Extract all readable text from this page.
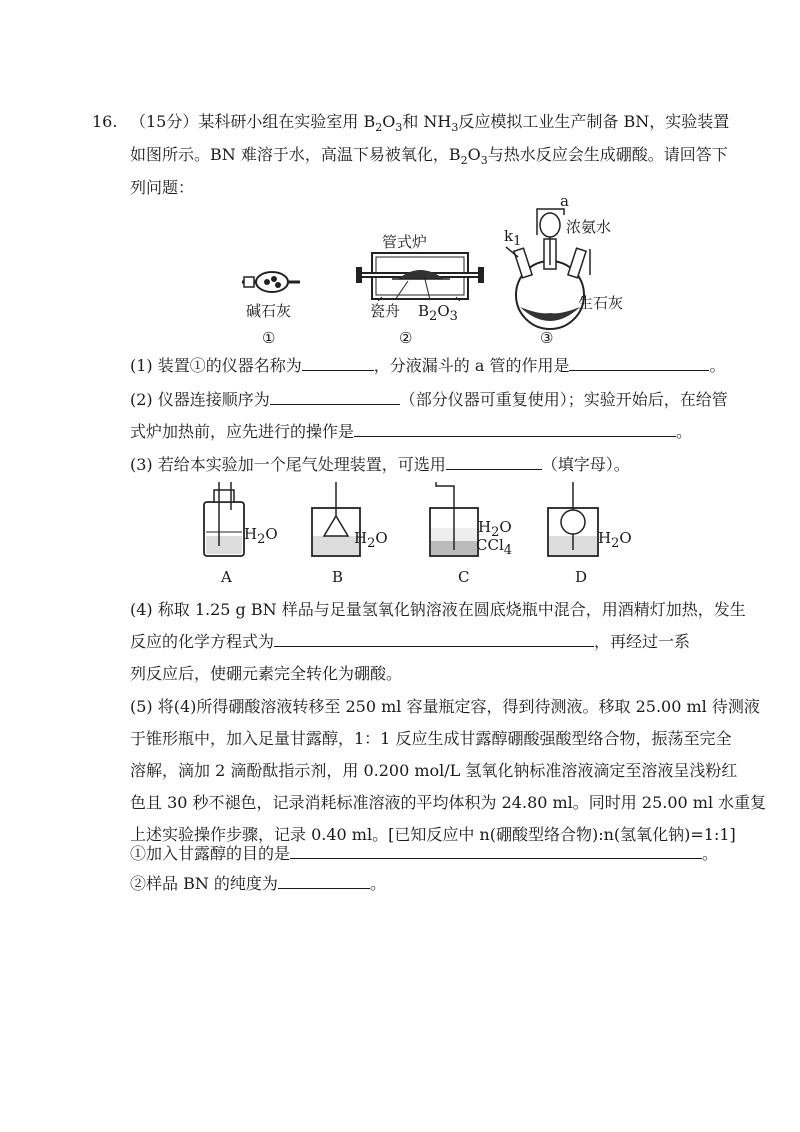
16. （15分）某科研小组在实验室用 $B_2O_3$和 $NH_3$反应模拟工业生产制备 BN，实验装置
如图所示。BN 难溶于水，高温下易被氧化，$B_2O_3$与热水反应会生成硼酸。请回答下
列问题：
碱石灰
管式炉
瓷舟 B2O3
a
浓氨水
k1
生石灰
①	②	③
(1) 装置①的仪器名称为	，分液漏斗的 a 管的作用是	。
(2) 仪器连接顺序为	（部分仪器可重复使用）；实验开始后，在给管
式炉加热前，应先进行的操作是	。
(3) 若给本实验加一个尾气处理装置，可选用	（填字母）。
H2O	H2O
H2O
CCl4
H2O
A	B	C	D
(4) 称取 1.25 g BN 样品与足量氢氧化钠溶液在圆底烧瓶中混合，用酒精灯加热，发生
反应的化学方程式为	，再经过一系
列反应后，使硼元素完全转化为硼酸。
(5) 将(4)所得硼酸溶液转移至 250 ml 容量瓶定容，得到待测液。移取 25.00 ml 待测液
于锥形瓶中，加入足量甘露醇，1：1 反应生成甘露醇硼酸强酸型络合物，振荡至完全
溶解，滴加 2 滴酚酞指示剂，用 0.200 mol/L 氢氧化钠标准溶液滴定至溶液呈浅粉红
色且 30 秒不褪色，记录消耗标准溶液的平均体积为 24.80 ml。同时用 25.00 ml 水重复
上述实验操作步骤，记录 0.40 ml。[已知反应中 n(硼酸型络合物):n(氢氧化钠)=1:1]
①加入甘露醇的目的是	。
②样品 BN 的纯度为	。
